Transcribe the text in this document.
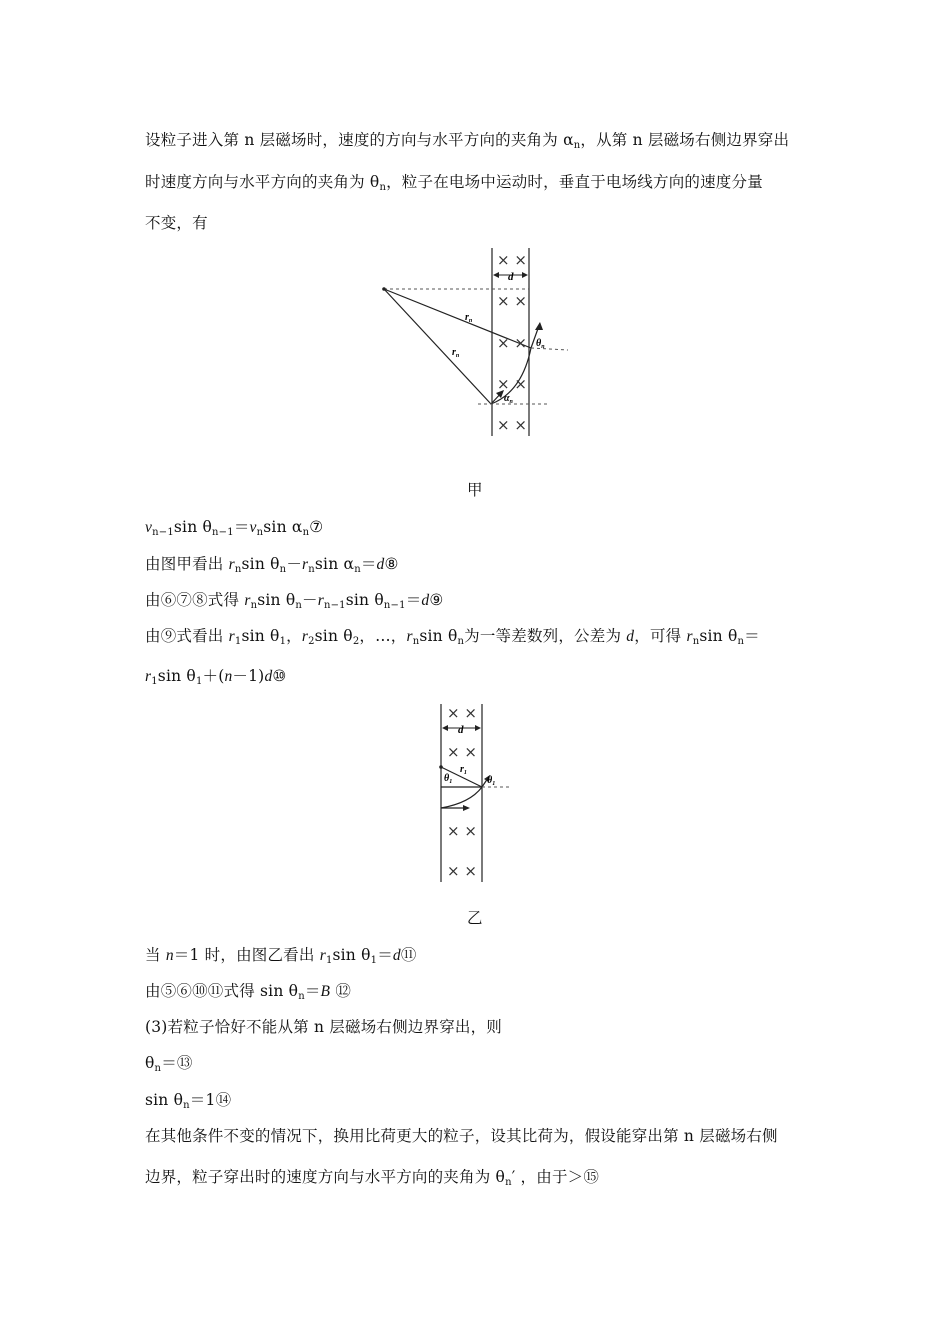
设粒子进入第 n 层磁场时，速度的方向与水平方向的夹角为 $\alpha_n$，从第 n 层磁场右侧边界穿出
时速度方向与水平方向的夹角为 $\theta_n$，粒子在电场中运动时，垂直于电场线方向的速度分量
不变，有
× ×
× ×
× ×
× ×
× ×
d
$r_n$
$r_n$
$\theta_n$
$\alpha_n$
甲
$v_{n-1}\sin$ $\theta_{n-1}=v_n\sin$ $\alpha_n⑦$
由图甲看出 $r_n\sin$ $\theta_n-r_n\sin$ $\alpha_n=d⑧$
由⑥⑦⑧式得 $r_n\sin$ $\theta_n-r_{n-1}\sin$ $\theta_{n-1}=d⑨$
由⑨式看出 $r_1\sin$ $\theta_1$，$r_2\sin$ $\theta_2$，…，$r_n\sin$ $\theta_n$为一等差数列，公差为 d，可得 $r_n\sin$ $\theta_n=$
$r_1\sin$ $\theta_1+(n-1)d⑩$
× ×
× ×
× ×
× ×
d
$r_1$
$\theta_1$	$\theta_1$
乙
当 n＝1 时，由图乙看出 $r_1\sin$ $\theta_1=d⑪$
由⑤⑥⑩⑪式得 $\sin \theta_n=B$ ⑫
(3)若粒子恰好不能从第 n 层磁场右侧边界穿出，则
$\theta_n=⑬$
$\sin \theta_n=1⑭$
在其他条件不变的情况下，换用比荷更大的粒子，设其比荷为，假设能穿出第 n 层磁场右侧
边界，粒子穿出时的速度方向与水平方向的夹角为 $\theta_n'$ ，由于＞⑮
